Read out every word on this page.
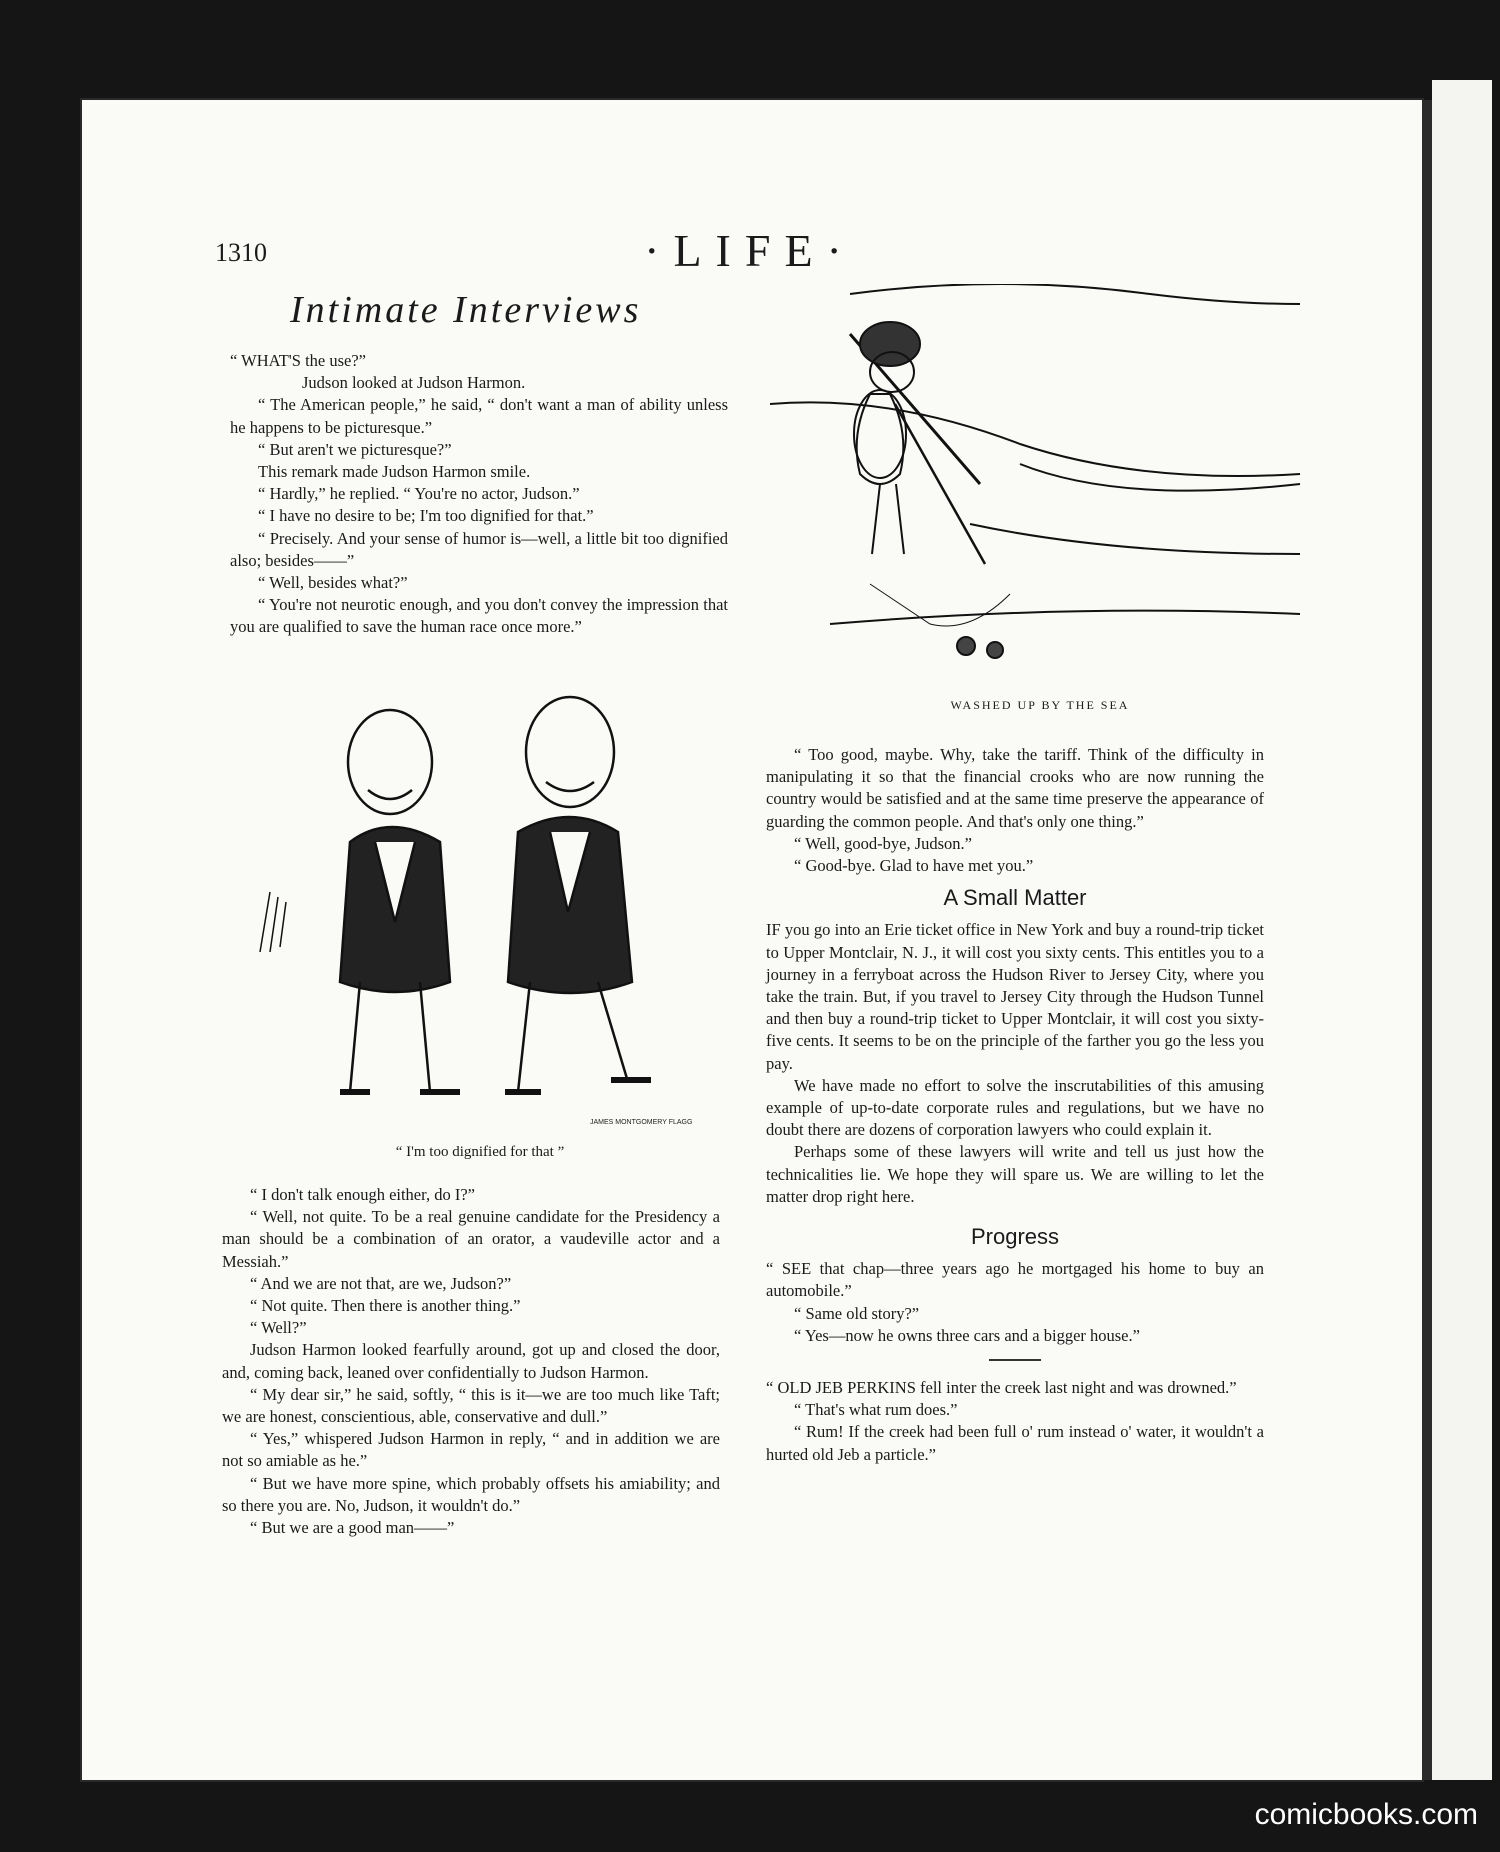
1310	·LIFE·
Intimate Interviews

“ WHAT'S the use?”

Judson looked at Judson Harmon.

“ The American people,” he said, “ don't want a man of ability unless he happens to be picturesque.”

“ But aren't we picturesque?”

This remark made Judson Harmon smile.

“ Hardly,” he replied. “ You're no actor, Judson.”

“ I have no desire to be; I'm too dignified for that.”

“ Precisely. And your sense of humor is—well, a little bit too dignified also; besides——”

“ Well, besides what?”

“ You're not neurotic enough, and you don't convey the impression that you are qualified to save the human race once more.”

JAMES MONTGOMERY FLAGG
“ I'm too dignified for that ”

“ I don't talk enough either, do I?”

“ Well, not quite. To be a real genuine candidate for the Presidency a man should be a combination of an orator, a vaudeville actor and a Messiah.”

“ And we are not that, are we, Judson?”

“ Not quite. Then there is another thing.”

“ Well?”

Judson Harmon looked fearfully around, got up and closed the door, and, coming back, leaned over confidentially to Judson Harmon.

“ My dear sir,” he said, softly, “ this is it—we are too much like Taft; we are honest, conscientious, able, conservative and dull.”

“ Yes,” whispered Judson Harmon in reply, “ and in addition we are not so amiable as he.”

“ But we have more spine, which probably offsets his amiability; and so there you are. No, Judson, it wouldn't do.”

“ But we are a good man——”

WASHED UP BY THE SEA

“ Too good, maybe. Why, take the tariff. Think of the difficulty in manipulating it so that the financial crooks who are now running the country would be satisfied and at the same time preserve the appearance of guarding the common people. And that's only one thing.”

“ Well, good-bye, Judson.”

“ Good-bye. Glad to have met you.”

A Small Matter

IF you go into an Erie ticket office in New York and buy a round-trip ticket to Upper Montclair, N. J., it will cost you sixty cents. This entitles you to a journey in a ferryboat across the Hudson River to Jersey City, where you take the train. But, if you travel to Jersey City through the Hudson Tunnel and then buy a round-trip ticket to Upper Montclair, it will cost you sixty-five cents. It seems to be on the principle of the farther you go the less you pay.

We have made no effort to solve the inscrutabilities of this amusing example of up-to-date corporate rules and regulations, but we have no doubt there are dozens of corporation lawyers who could explain it.

Perhaps some of these lawyers will write and tell us just how the technicalities lie. We hope they will spare us. We are willing to let the matter drop right here.

Progress

“ SEE that chap—three years ago he mortgaged his home to buy an automobile.”

“ Same old story?”

“ Yes—now he owns three cars and a bigger house.”

“ OLD JEB PERKINS fell inter the creek last night and was drowned.”

“ That's what rum does.”

“ Rum! If the creek had been full o' rum instead o' water, it wouldn't a hurted old Jeb a particle.”

comicbooks.com
